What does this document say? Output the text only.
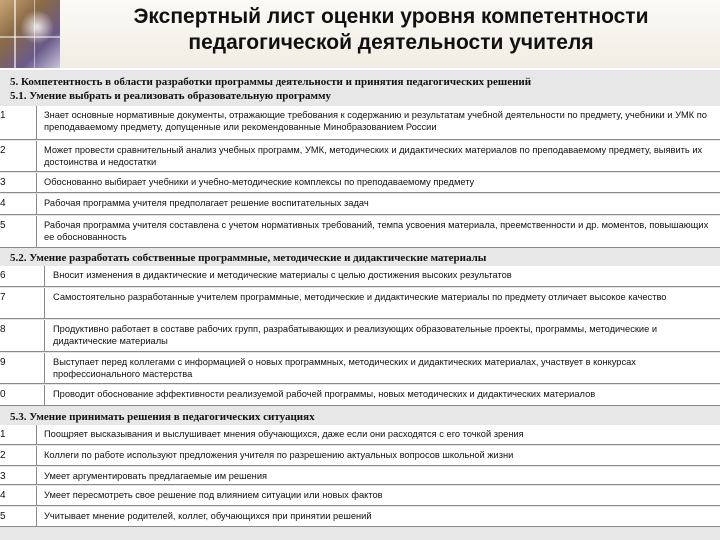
Экспертный лист оценки уровня компетентности
педагогической деятельности учителя
5. Компетентность в области разработки программы деятельности и принятия педагогических решений
5.1. Умение выбрать и реализовать образовательную программу
1	Знает основные нормативные документы, отражающие требования к содержанию и результатам учебной деятельности по предмету, учебники и УМК по преподаваемому предмету, допущенные или рекомендованные Минобразованием России
2	Может провести сравнительный анализ учебных программ, УМК, методических и дидактических материалов по преподаваемому предмету, выявить их достоинства и недостатки
3	Обоснованно выбирает учебники и учебно-методические комплексы по преподаваемому предмету
4	Рабочая программа учителя предполагает решение воспитательных задач
5	Рабочая программа учителя составлена с учетом нормативных требований, темпа усвоения материала, преемственности и др. моментов, повышающих ее обоснованность
5.2. Умение разработать собственные программные, методические и дидактические материалы
6	Вносит изменения в дидактические и методические материалы с целью достижения высоких результатов
7	Самостоятельно разработанные учителем программные, методические и дидактические материалы по предмету отличает высокое качество
8	Продуктивно работает в составе рабочих групп, разрабатывающих и реализующих образовательные проекты, программы, методические и дидактические материалы
9	Выступает перед коллегами с информацией о новых программных, методических и дидактических материалах, участвует в конкурсах профессионального мастерства
0	Проводит обоснование эффективности реализуемой рабочей программы, новых методических и дидактических материалов
5.3. Умение принимать решения в педагогических ситуациях
1	Поощряет высказывания и выслушивает мнения обучающихся, даже если они расходятся с его точкой зрения
2	Коллеги по работе используют предложения учителя по разрешению актуальных вопросов школьной жизни
3	Умеет аргументировать предлагаемые им решения
4	Умеет пересмотреть свое решение под влиянием ситуации или новых фактов
5	Учитывает мнение родителей, коллег, обучающихся при принятии решений
